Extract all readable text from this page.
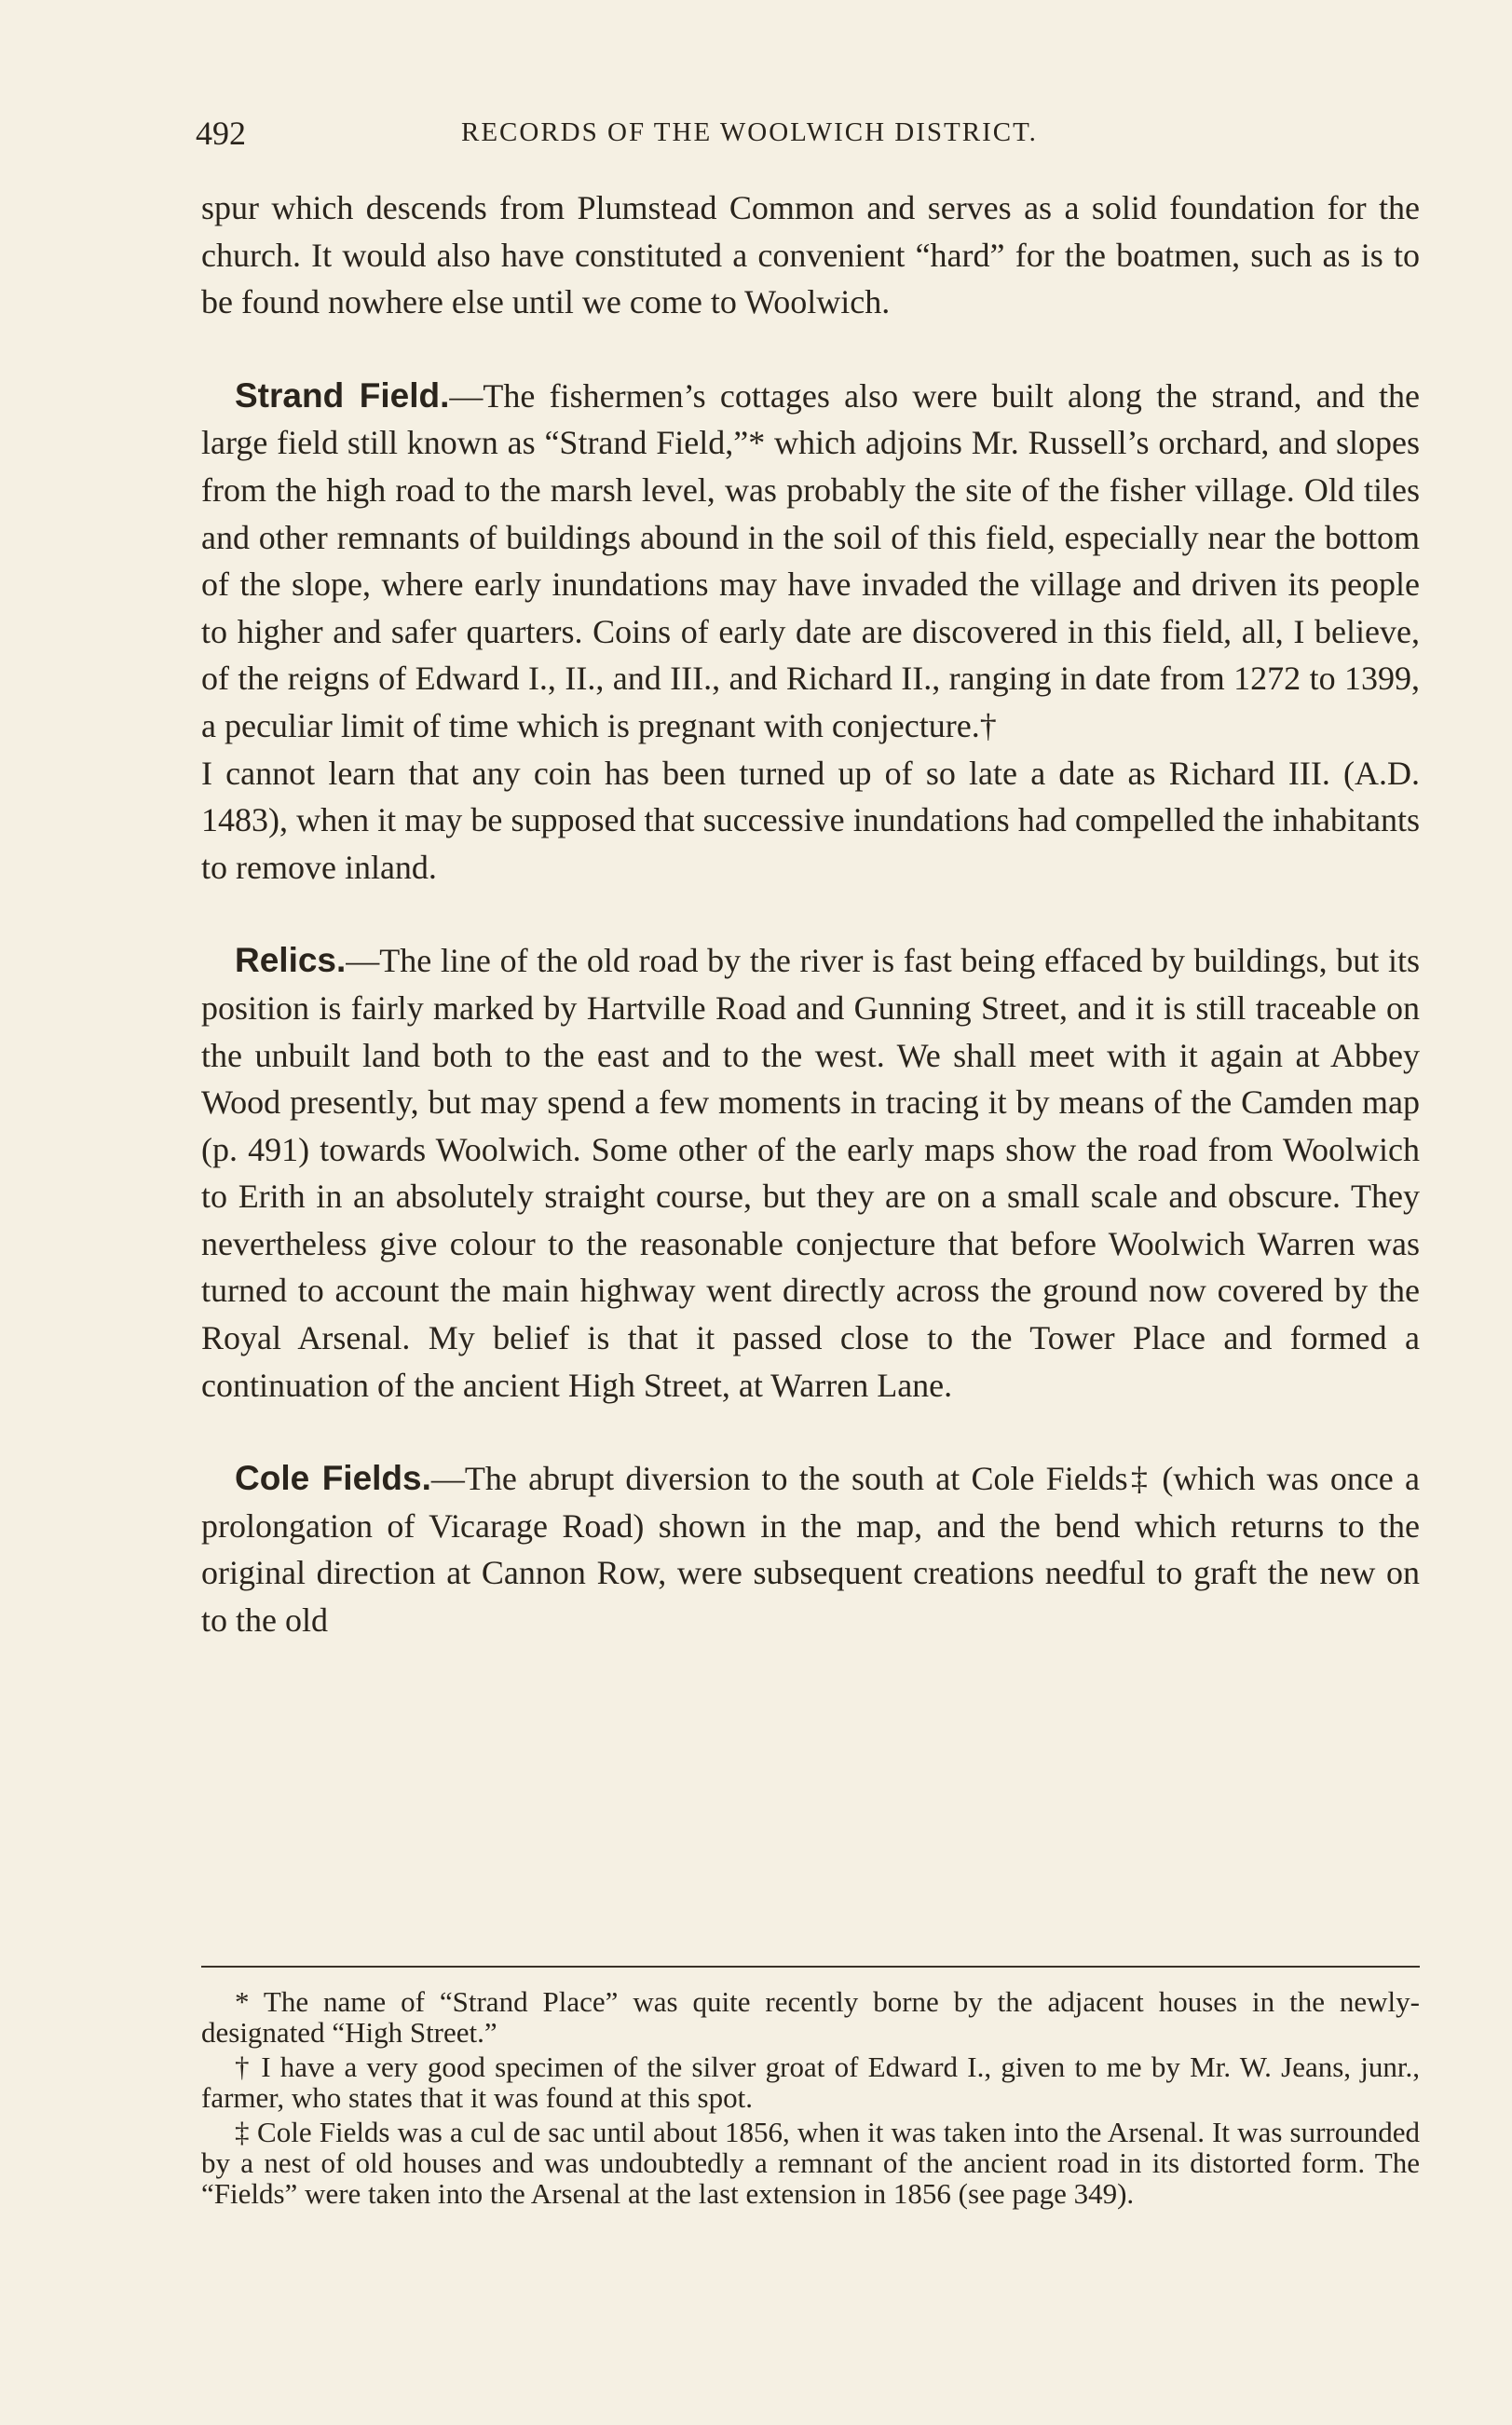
492	RECORDS OF THE WOOLWICH DISTRICT.

spur which descends from Plumstead Common and serves as a solid foundation for the church. It would also have constituted a convenient “hard” for the boatmen, such as is to be found nowhere else until we come to Woolwich.

Strand Field.—The fishermen’s cottages also were built along the strand, and the large field still known as “Strand Field,”* which adjoins Mr. Russell’s orchard, and slopes from the high road to the marsh level, was probably the site of the fisher village. Old tiles and other remnants of buildings abound in the soil of this field, especially near the bottom of the slope, where early inundations may have invaded the village and driven its people to higher and safer quarters. Coins of early date are discovered in this field, all, I believe, of the reigns of Edward I., II., and III., and Richard II., ranging in date from 1272 to 1399, a peculiar limit of time which is pregnant with conjecture.†

I cannot learn that any coin has been turned up of so late a date as Richard III. (A.D. 1483), when it may be supposed that successive inundations had compelled the inhabitants to remove inland.

Relics.—The line of the old road by the river is fast being effaced by buildings, but its position is fairly marked by Hartville Road and Gunning Street, and it is still traceable on the unbuilt land both to the east and to the west. We shall meet with it again at Abbey Wood presently, but may spend a few moments in tracing it by means of the Camden map (p. 491) towards Woolwich. Some other of the early maps show the road from Woolwich to Erith in an absolutely straight course, but they are on a small scale and obscure. They nevertheless give colour to the reasonable conjecture that before Woolwich Warren was turned to account the main highway went directly across the ground now covered by the Royal Arsenal. My belief is that it passed close to the Tower Place and formed a continuation of the ancient High Street, at Warren Lane.

Cole Fields.—The abrupt diversion to the south at Cole Fields‡ (which was once a prolongation of Vicarage Road) shown in the map, and the bend which returns to the original direction at Cannon Row, were subsequent creations needful to graft the new on to the old

* The name of “Strand Place” was quite recently borne by the adjacent houses in the newly-designated “High Street.”

† I have a very good specimen of the silver groat of Edward I., given to me by Mr. W. Jeans, junr., farmer, who states that it was found at this spot.

‡ Cole Fields was a cul de sac until about 1856, when it was taken into the Arsenal. It was surrounded by a nest of old houses and was undoubtedly a remnant of the ancient road in its distorted form. The “Fields” were taken into the Arsenal at the last extension in 1856 (see page 349).
